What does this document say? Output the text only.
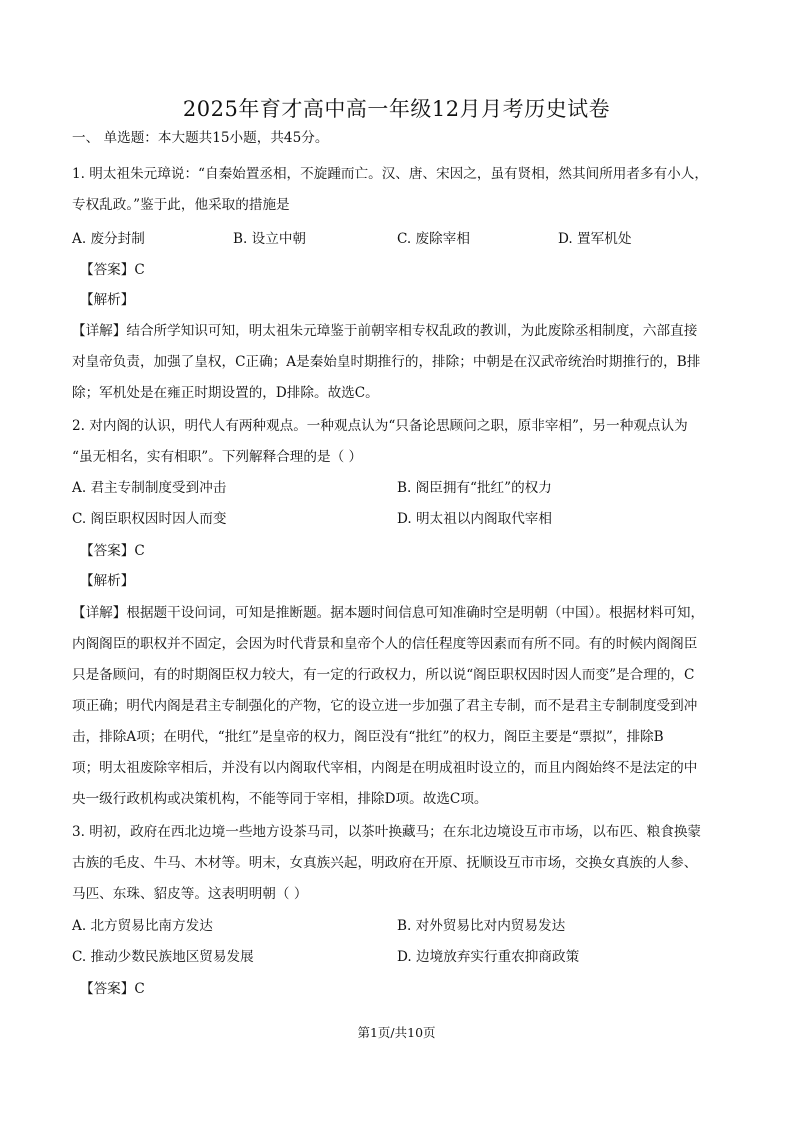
2025年育才高中高一年级12月月考历史试卷
一、 单选题：本大题共15小题，共45分。
1. 明太祖朱元璋说：“自秦始置丞相，不旋踵而亡。汉、唐、宋因之，虽有贤相，然其间所用者多有小人，
专权乱政。”鉴于此，他采取的措施是
A. 废分封制	B. 设立中朝	C. 废除宰相	D. 置军机处
【答案】C
【解析】
【详解】结合所学知识可知，明太祖朱元璋鉴于前朝宰相专权乱政的教训，为此废除丞相制度，六部直接
对皇帝负责，加强了皇权，C正确；A是秦始皇时期推行的，排除；中朝是在汉武帝统治时期推行的，B排
除；军机处是在雍正时期设置的，D排除。故选C。
2. 对内阁的认识，明代人有两种观点。一种观点认为“只备论思顾问之职，原非宰相”，另一种观点认为
“虽无相名，实有相职”。下列解释合理的是（ ）
A. 君主专制制度受到冲击	B. 阁臣拥有“批红”的权力
C. 阁臣职权因时因人而变	D. 明太祖以内阁取代宰相
【答案】C
【解析】
【详解】根据题干设问词，可知是推断题。据本题时间信息可知准确时空是明朝（中国）。根据材料可知，
内阁阁臣的职权并不固定，会因为时代背景和皇帝个人的信任程度等因素而有所不同。有的时候内阁阁臣
只是备顾问，有的时期阁臣权力较大，有一定的行政权力，所以说“阁臣职权因时因人而变”是合理的，C
项正确；明代内阁是君主专制强化的产物，它的设立进一步加强了君主专制，而不是君主专制制度受到冲
击，排除A项；在明代，“批红”是皇帝的权力，阁臣没有“批红”的权力，阁臣主要是“票拟”，排除B
项；明太祖废除宰相后，并没有以内阁取代宰相，内阁是在明成祖时设立的，而且内阁始终不是法定的中
央一级行政机构或决策机构，不能等同于宰相，排除D项。故选C项。
3. 明初，政府在西北边境一些地方设茶马司，以茶叶换藏马；在东北边境设互市市场，以布匹、粮食换蒙
古族的毛皮、牛马、木材等。明末，女真族兴起，明政府在开原、抚顺设互市市场，交换女真族的人参、
马匹、东珠、貂皮等。这表明明朝（ ）
A. 北方贸易比南方发达	B. 对外贸易比对内贸易发达
C. 推动少数民族地区贸易发展	D. 边境放弃实行重农抑商政策
【答案】C
第1页/共10页
